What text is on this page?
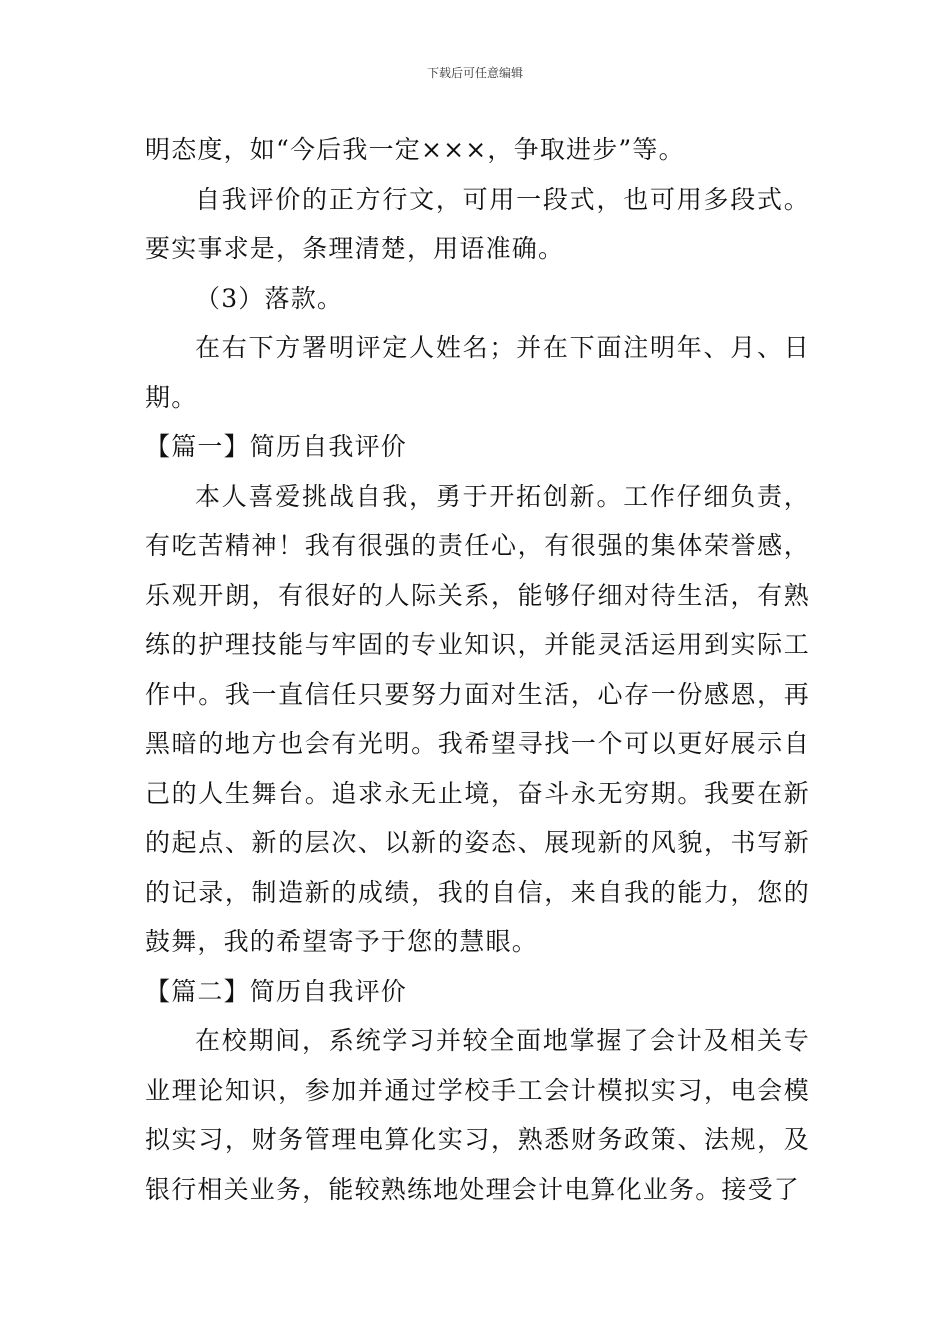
下载后可任意编辑

明态度，如“今后我一定×××，争取进步”等。

自我评价的正方行文，可用一段式，也可用多段式。要实事求是，条理清楚，用语准确。

（3）落款。

在右下方署明评定人姓名；并在下面注明年、月、日期。

【篇一】简历自我评价

本人喜爱挑战自我，勇于开拓创新。工作仔细负责，有吃苦精神！我有很强的责任心，有很强的集体荣誉感，乐观开朗，有很好的人际关系，能够仔细对待生活，有熟练的护理技能与牢固的专业知识，并能灵活运用到实际工作中。我一直信任只要努力面对生活，心存一份感恩，再黑暗的地方也会有光明。我希望寻找一个可以更好展示自己的人生舞台。追求永无止境，奋斗永无穷期。我要在新的起点、新的层次、以新的姿态、展现新的风貌，书写新的记录，制造新的成绩，我的自信，来自我的能力，您的鼓舞，我的希望寄予于您的慧眼。

【篇二】简历自我评价

在校期间，系统学习并较全面地掌握了会计及相关专业理论知识，参加并通过学校手工会计模拟实习，电会模拟实习，财务管理电算化实习，熟悉财务政策、法规，及银行相关业务，能较熟练地处理会计电算化业务。接受了
